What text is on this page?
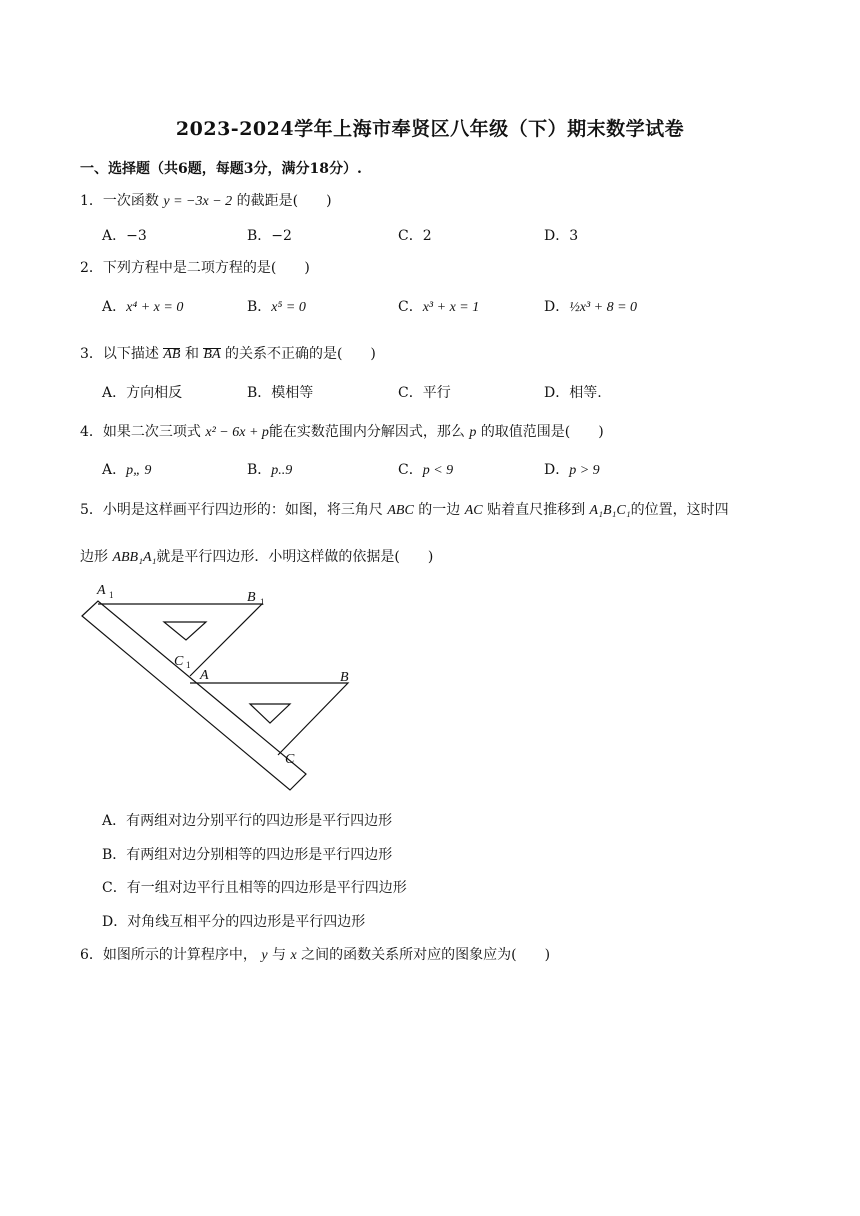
2023-2024学年上海市奉贤区八年级（下）期末数学试卷
一、选择题（共6题，每题3分，满分18分）.
1．一次函数 y = −3x − 2 的截距是(　　)
A．−3	B．−2	C．2	D．3
2．下列方程中是二项方程的是(　　)
A．x⁴ + x = 0	B．x⁵ = 0	C．x³ + x = 1	D．½x³ + 8 = 0
3．以下描述 AB 和 BA 的关系不正确的是(　　)
A．方向相反	B．模相等	C．平行	D．相等.
4．如果二次三项式 x² − 6x + p能在实数范围内分解因式，那么 p 的取值范围是(　　)
A．p„ 9	B．p..9	C．p < 9	D．p > 9
5．小明是这样画平行四边形的：如图，将三角尺 ABC 的一边 AC 贴着直尺推移到 A₁B₁C₁的位置，这时四
边形 ABB₁A₁就是平行四边形．小明这样做的依据是(　　)
A 1	B 1
C 1
A	B
C
A．有两组对边分别平行的四边形是平行四边形
B．有两组对边分别相等的四边形是平行四边形
C．有一组对边平行且相等的四边形是平行四边形
D．对角线互相平分的四边形是平行四边形
6．如图所示的计算程序中， y 与 x 之间的函数关系所对应的图象应为(　　)
